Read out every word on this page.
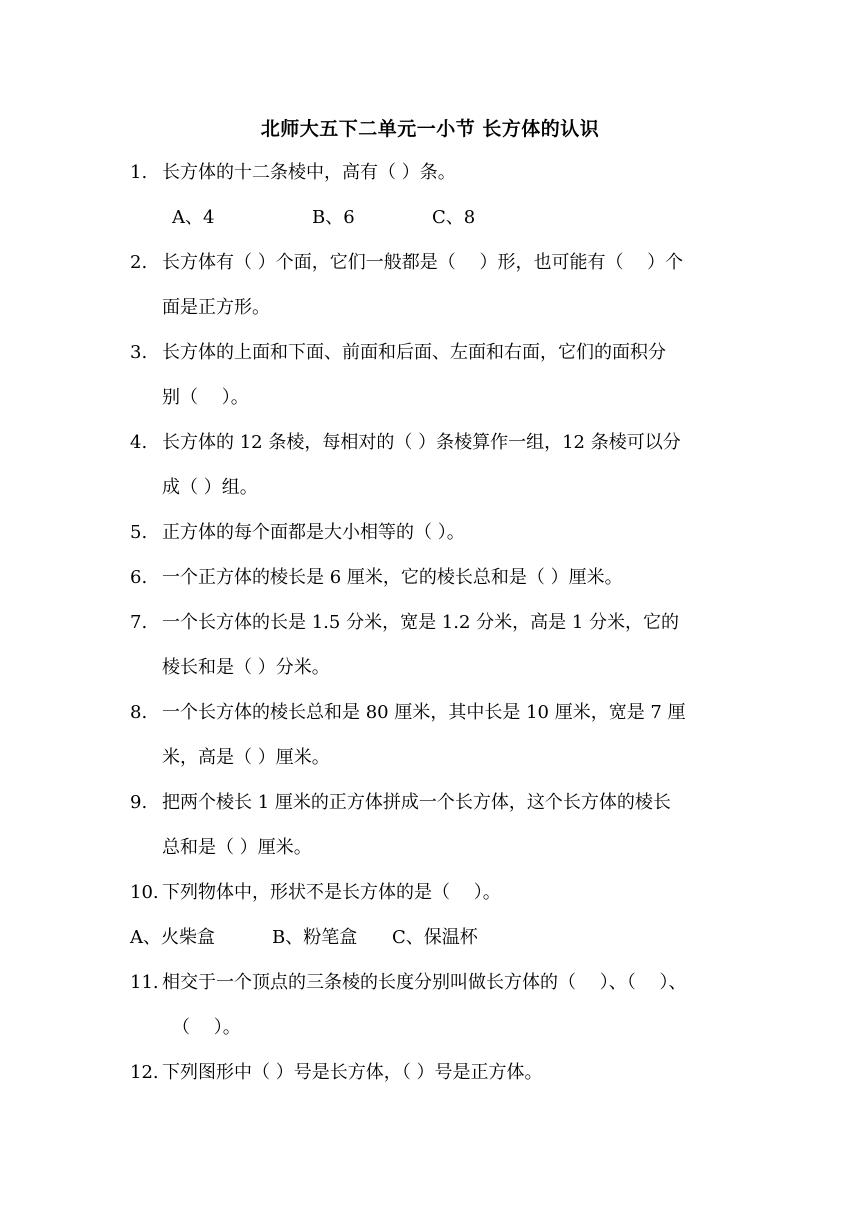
北师大五下二单元一小节 长方体的认识
1. 长方体的十二条棱中，高有（ ）条。
A、4	B、6	C、8
2. 长方体有（ ）个面，它们一般都是（　 ）形，也可能有（　 ）个
面是正方形。
3. 长方体的上面和下面、前面和后面、左面和右面，它们的面积分
别（　 ）。
4. 长方体的 12 条棱，每相对的（ ）条棱算作一组，12 条棱可以分
成（ ）组。
5. 正方体的每个面都是大小相等的（ ）。
6. 一个正方体的棱长是 6 厘米，它的棱长总和是（ ）厘米。
7. 一个长方体的长是 1.5 分米，宽是 1.2 分米，高是 1 分米，它的
棱长和是（ ）分米。
8. 一个长方体的棱长总和是 80 厘米，其中长是 10 厘米，宽是 7 厘
米，高是（ ）厘米。
9. 把两个棱长 1 厘米的正方体拼成一个长方体，这个长方体的棱长
总和是（ ）厘米。
10. 下列物体中，形状不是长方体的是（　 ）。
A、火柴盒	B、粉笔盒 C、保温杯
11. 相交于一个顶点的三条棱的长度分别叫做长方体的（　 ）、（　 ）、
（　 ）。
12. 下列图形中（ ）号是长方体，（ ）号是正方体。
